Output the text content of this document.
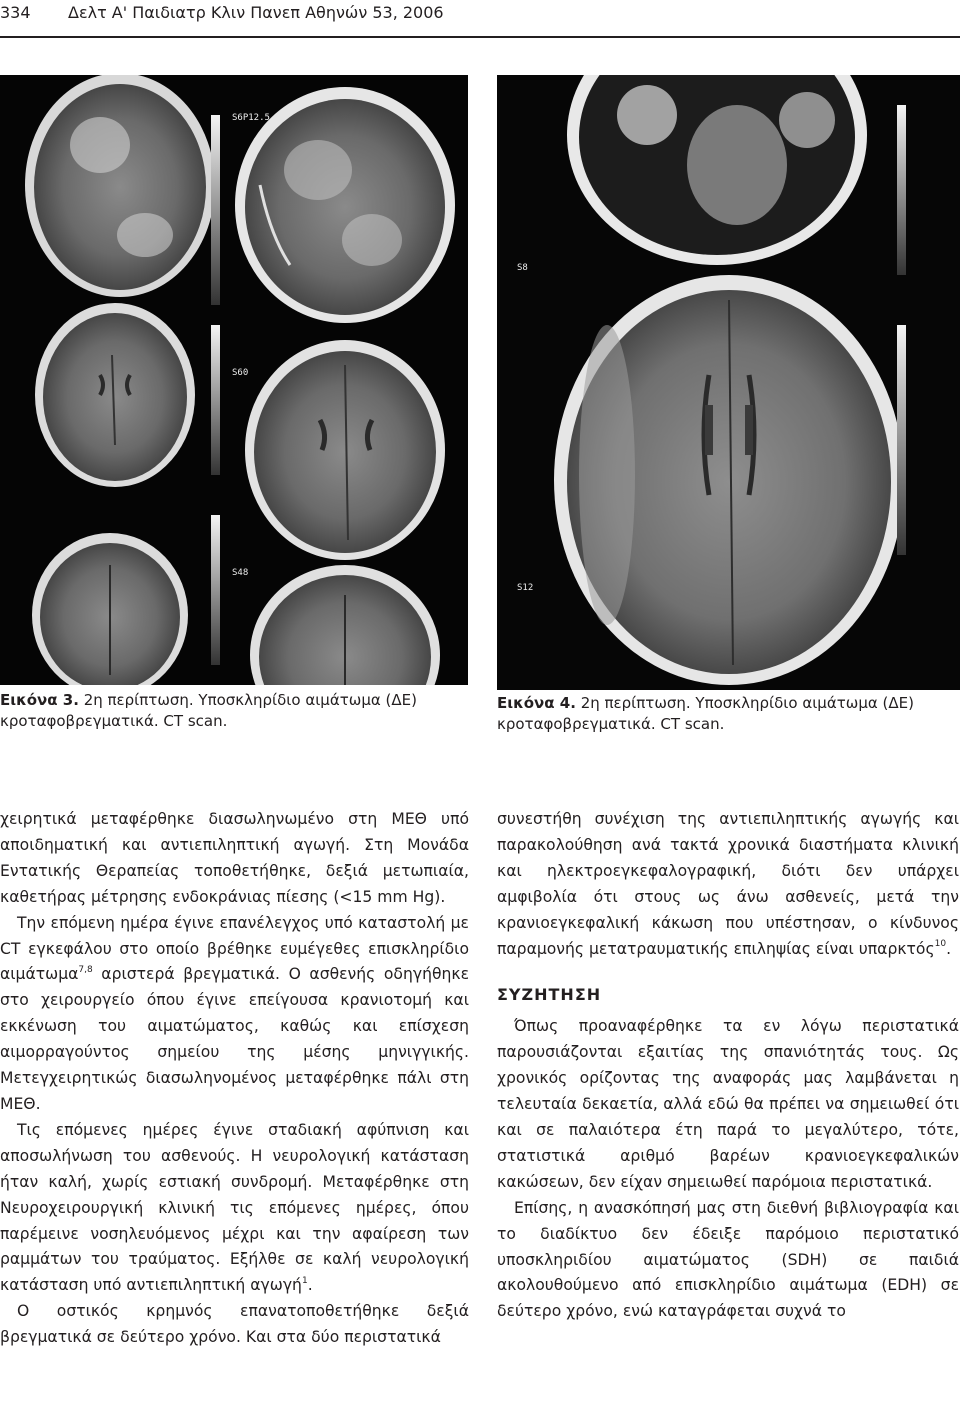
334 Δελτ Α' Παιδιατρ Κλιν Πανεπ Αθηνών 53, 2006
S6P12.5
S60
S48
S8
S12
Εικόνα 3. 2η περίπτωση. Υποσκληρίδιο αιμάτωμα (ΔΕ) κροταφοβρεγματικά. CT scan.
Εικόνα 4. 2η περίπτωση. Υποσκληρίδιο αιμάτωμα (ΔΕ) κροταφοβρεγματικά. CT scan.

χειρητικά μεταφέρθηκε διασωληνωμένο στη ΜΕΘ υπό αποιδηματική και αντιεπιληπτική αγωγή. Στη Μονάδα Εντατικής Θεραπείας τοποθετήθηκε, δεξιά μετωπιαία, καθετήρας μέτρησης ενδοκράνιας πίεσης (<15 mm Hg).

Την επόμενη ημέρα έγινε επανέλεγχος υπό καταστολή με CT εγκεφάλου στο οποίο βρέθηκε ευμέγεθες επισκληρίδιο αιμάτωμα$^{7,8}$ αριστερά βρεγματικά. Ο ασθενής οδηγήθηκε στο χειρουργείο όπου έγινε επείγουσα κρανιοτομή και εκκένωση του αιματώματος, καθώς και επίσχεση αιμορραγούντος σημείου της μέσης μηνιγγικής. Μετεγχειρητικώς διασωληνομένος μεταφέρθηκε πάλι στη ΜΕΘ.

Τις επόμενες ημέρες έγινε σταδιακή αφύπνιση και αποσωλήνωση του ασθενούς. Η νευρολογική κατάσταση ήταν καλή, χωρίς εστιακή συνδρομή. Μεταφέρθηκε στη Νευροχειρουργική κλινική τις επόμενες ημέρες, όπου παρέμεινε νοσηλευόμενος μέχρι και την αφαίρεση των ραμμάτων του τραύματος. Εξήλθε σε καλή νευρολογική κατάσταση υπό αντιεπιληπτική αγωγή$^1$.

Ο οστικός κρημνός επανατοποθετήθηκε δεξιά βρεγματικά σε δεύτερο χρόνο. Και στα δύο περιστατικά

συνεστήθη συνέχιση της αντιεπιληπτικής αγωγής και παρακολούθηση ανά τακτά χρονικά διαστήματα κλινική και ηλεκτροεγκεφαλογραφική, διότι δεν υπάρχει αμφιβολία ότι στους ως άνω ασθενείς, μετά την κρανιοεγκεφαλική κάκωση που υπέστησαν, ο κίνδυνος παραμονής μετατραυματικής επιληψίας είναι υπαρκτός$^{10}$.

ΣΥΖΗΤΗΣΗ

Όπως προαναφέρθηκε τα εν λόγω περιστατικά παρουσιάζονται εξαιτίας της σπανιότητάς τους. Ως χρονικός ορίζοντας της αναφοράς μας λαμβάνεται η τελευταία δεκαετία, αλλά εδώ θα πρέπει να σημειωθεί ότι και σε παλαιότερα έτη παρά το μεγαλύτερο, τότε, στατιστικά αριθμό βαρέων κρανιοεγκεφαλικών κακώσεων, δεν είχαν σημειωθεί παρόμοια περιστατικά.

Επίσης, η ανασκόπησή μας στη διεθνή βιβλιογραφία και το διαδίκτυο δεν έδειξε παρόμοιο περιστατικό υποσκληριδίου αιματώματος (SDH) σε παιδιά ακολουθούμενο από επισκληρίδιο αιμάτωμα (EDH) σε δεύτερο χρόνο, ενώ καταγράφεται συχνά το
